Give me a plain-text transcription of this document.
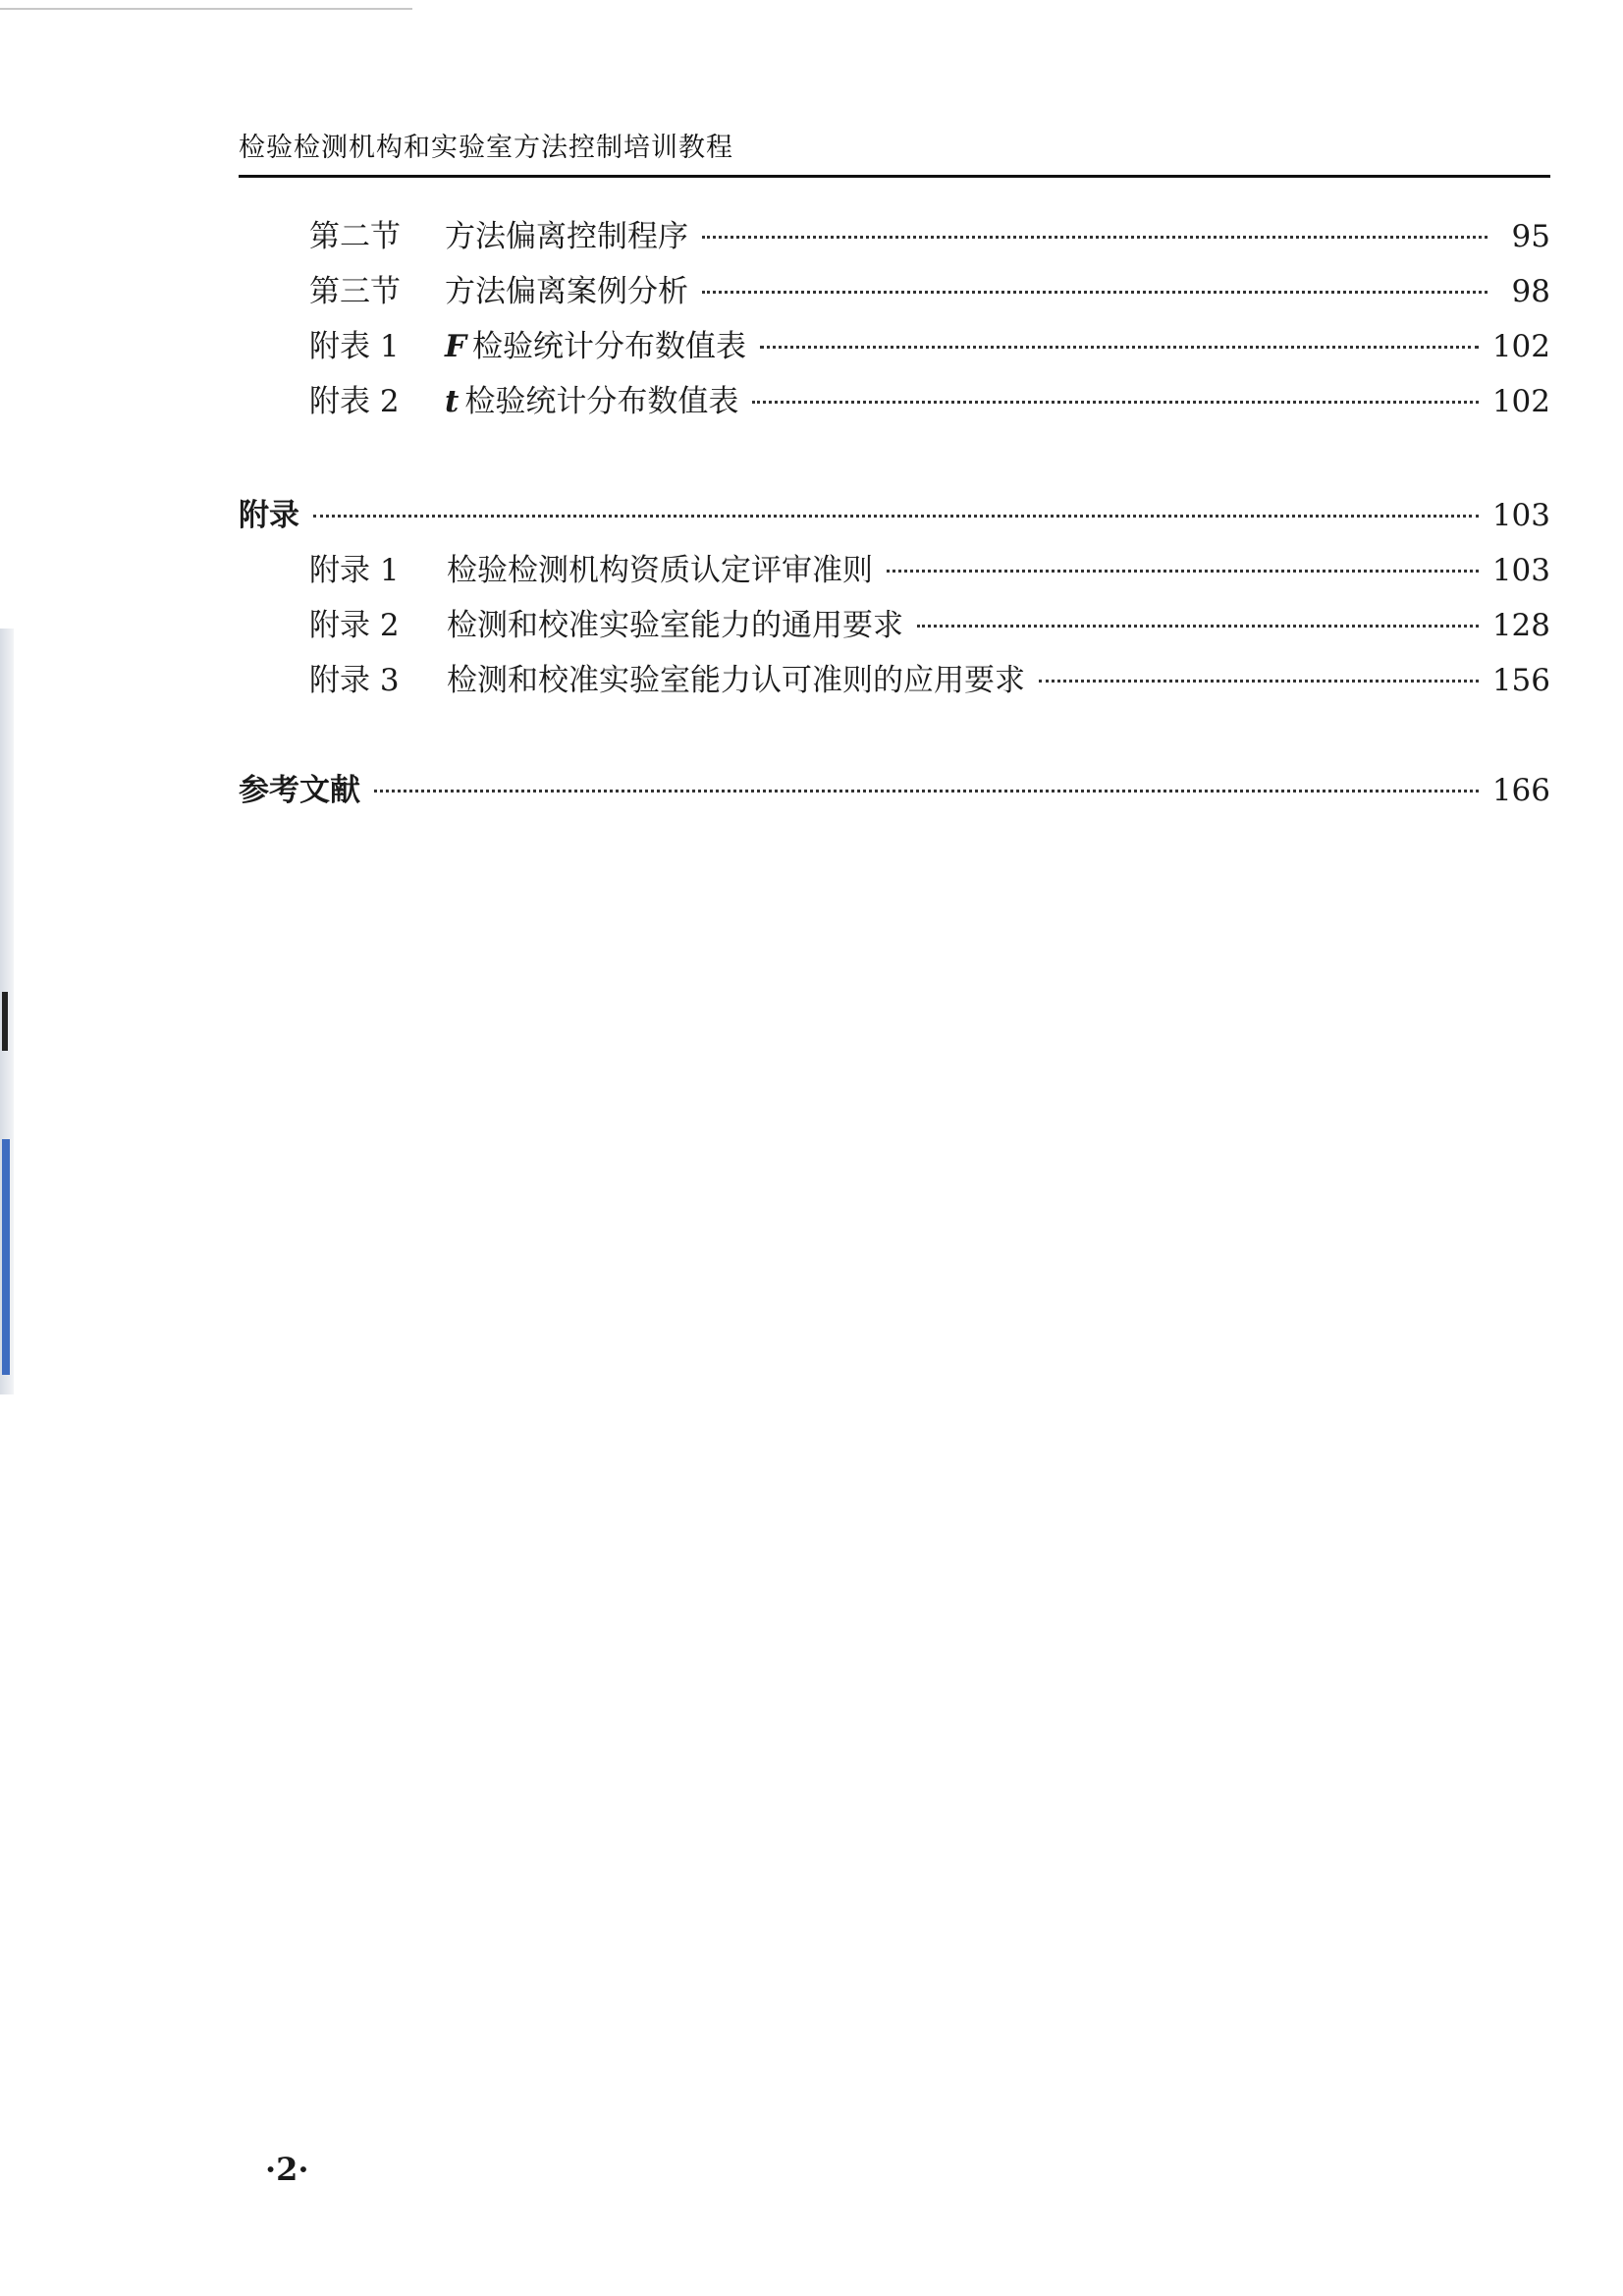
检验检测机构和实验室方法控制培训教程
第二节	方法偏离控制程序	95
第三节	方法偏离案例分析	98
附表 1	F 检验统计分布数值表	102
附表 2	t 检验统计分布数值表	102
附录	103
附录 1	检验检测机构资质认定评审准则	103
附录 2	检测和校准实验室能力的通用要求	128
附录 3	检测和校准实验室能力认可准则的应用要求	156
参考文献	166
·2·
